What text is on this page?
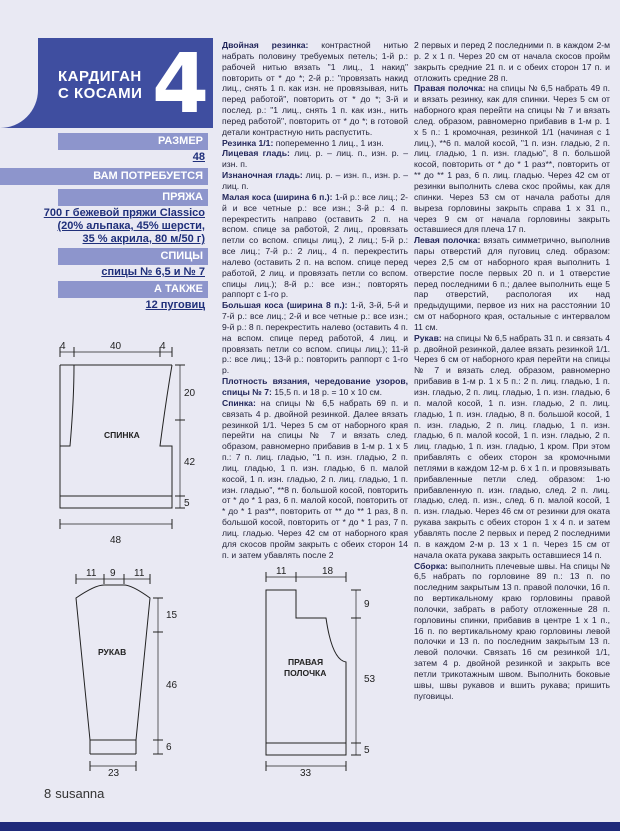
КАРДИГАН
С КОСАМИ 4
РАЗМЕР
48
ВАМ ПОТРЕБУЕТСЯ
ПРЯЖА
700 г бежевой пряжи Classico
(20% альпака, 45% шерсти,
35 % акрила, 80 м/50 г)
СПИЦЫ
спицы № 6,5 и № 7
А ТАКЖЕ
12 пуговиц
СПИНКА
4	40	4
20
42
5
48
РУКАВ
11 9 11
15
46
6
23
ПРАВАЯ
ПОЛОЧКА
11	18
9
53
5
33

Двойная резинка: контрастной нитью набрать половину требуемых петель; 1-й р.: рабочей нитью вязать "1 лиц., 1 накид" повторить от * до *; 2-й р.: "провязать накид лиц., снять 1 п. как изн. не провязывая, нить перед работой", повторить от * до *; 3-й и послед. р.: "1 лиц., снять 1 п. как изн., нить перед работой", повторить от * до *; в готовой детали контрастную нить распустить.

Резинка 1/1: попеременно 1 лиц., 1 изн.

Лицевая гладь: лиц. р. – лиц. п., изн. р. – изн. п.

Изнаночная гладь: лиц. р. – изн. п., изн. р. – лиц. п.

Малая коса (ширина 6 п.): 1-й р.: все лиц.; 2-й и все четные р.: все изн.; 3-й р.: 4 п. перекрестить направо (оставить 2 п. на вспом. спице за работой, 2 лиц., провязать петли со вспом. спицы лиц.), 2 лиц.; 5-й р.: все лиц.; 7-й р.: 2 лиц., 4 п. перекрестить налево (оставить 2 п. на вспом. спице перед работой, 2 лиц. и провязать петли со вспом. спицы лиц.); 8-й р.: все изн.; повторять раппорт с 1-го р.

Большая коса (ширина 8 п.): 1-й, 3-й, 5-й и 7-й р.: все лиц.; 2-й и все четные р.: все изн.; 9-й р.: 8 п. перекрестить налево (оставить 4 п. на вспом. спице перед работой, 4 лиц. и провязать петли со вспом. спицы лиц.); 11-й р.: все лиц.; 13-й р.: повторить раппорт с 1-го р.

Плотность вязания, чередование узоров, спицы № 7: 15,5 п. и 18 р. = 10 х 10 см.

Спинка: на спицы № 6,5 набрать 69 п. и связать 4 р. двойной резинкой. Далее вязать резинкой 1/1. Через 5 см от наборного края перейти на спицы № 7 и вязать след. образом, равномерно прибавив в 1-м р. 1 х 5 п.: 7 п. лиц. гладью, "1 п. изн. гладью, 2 п. лиц. гладью, 1 п. изн. гладью, 6 п. малой косой, 1 п. изн. гладью, 2 п. лиц. гладью, 1 п. изн. гладью", **8 п. большой косой, повторить от * до * 1 раз, 6 п. малой косой, повторить от * до * 1 раз**, повторить от ** до ** 1 раз, 8 п. большой косой, повторить от * до * 1 раз, 7 п. лиц. гладью. Через 42 см от наборного края для скосов пройм закрыть с обеих сторон 14 п. и затем убавлять после 2

2 первых и перед 2 последними п. в каждом 2-м р. 2 х 1 п. Через 20 см от начала скосов пройм закрыть средние 21 п. и с обеих сторон 17 п. и отложить средние 28 п.

Правая полочка: на спицы № 6,5 набрать 49 п. и вязать резинку, как для спинки. Через 5 см от наборного края перейти на спицы № 7 и вязать след. образом, равномерно прибавив в 1-м р. 1 х 5 п.: 1 кромочная, резинкой 1/1 (начиная с 1 лиц.), **6 п. малой косой, "1 п. изн. гладью, 2 п. лиц. гладью, 1 п. изн. гладью", 8 п. большой косой, повторить от * до * 1 раз**, повторить от ** до ** 1 раз, 6 п. лиц. гладью. Через 42 см от резинки выполнить слева скос проймы, как для спинки. Через 53 см от начала работы для выреза горловины закрыть справа 1 х 31 п., через 9 см от начала горловины закрыть оставшиеся для плеча 17 п.

Левая полочка: вязать симметрично, выполнив пары отверстий для пуговиц след. образом: через 2,5 см от наборного края выполнить 1 отверстие после первых 20 п. и 1 отверстие перед последними 6 п.; далее выполнить еще 5 пар отверстий, распологая их над предыдущими, первое из них на расстоянии 10 см от наборного края, остальные с интервалом 11 см.

Рукав: на спицы № 6,5 набрать 31 п. и связать 4 р. двойной резинкой, далее вязать резинкой 1/1. Через 6 см от наборного края перейти на спицы № 7 и вязать след. образом, равномерно прибавив в 1-м р. 1 х 5 п.: 2 п. лиц. гладью, 1 п. изн. гладью, 2 п. лиц. гладью, 1 п. изн. гладью, 6 п. малой косой, 1 п. изн. гладью, 2 п. лиц. гладью, 1 п. изн. гладью, 8 п. большой косой, 1 п. изн. гладью, 2 п. лиц. гладью, 1 п. изн. гладью, 6 п. малой косой, 1 п. изн. гладью, 2 п. лиц. гладью, 1 п. изн. гладью, 1 кром. При этом прибавлять с обеих сторон за кромочными петлями в каждом 12-м р. 6 х 1 п. и провязывать прибавленные петли след. образом: 1-ю прибавленную п. изн. гладью, след. 2 п. лиц. гладью, след. п. изн., след. 6 п. малой косой, 1 п. изн. гладью. Через 46 см от резинки для оката рукава закрыть с обеих сторон 1 х 4 п. и затем убавлять после 2 первых и перед 2 последними п. в каждом 2-м р. 13 х 1 п. Через 15 см от начала оката рукава закрыть оставшиеся 14 п.

Сборка: выполнить плечевые швы. На спицы № 6,5 набрать по горловине 89 п.: 13 п. по последним закрытым 13 п. правой полочки, 16 п. по вертикальному краю горловины правой полочки, забрать в работу отложенные 28 п. горловины спинки, прибавив в центре 1 х 1 п., 16 п. по вертикальному краю горловины левой полочки и 13 п. по последним закрытым 13 п. левой полочки. Связать 16 см резинкой 1/1, затем 4 р. двойной резинкой и закрыть все петли трикотажным швом. Выполнить боковые швы, швы рукавов и вшить рукава; пришить пуговицы.

8 susanna
